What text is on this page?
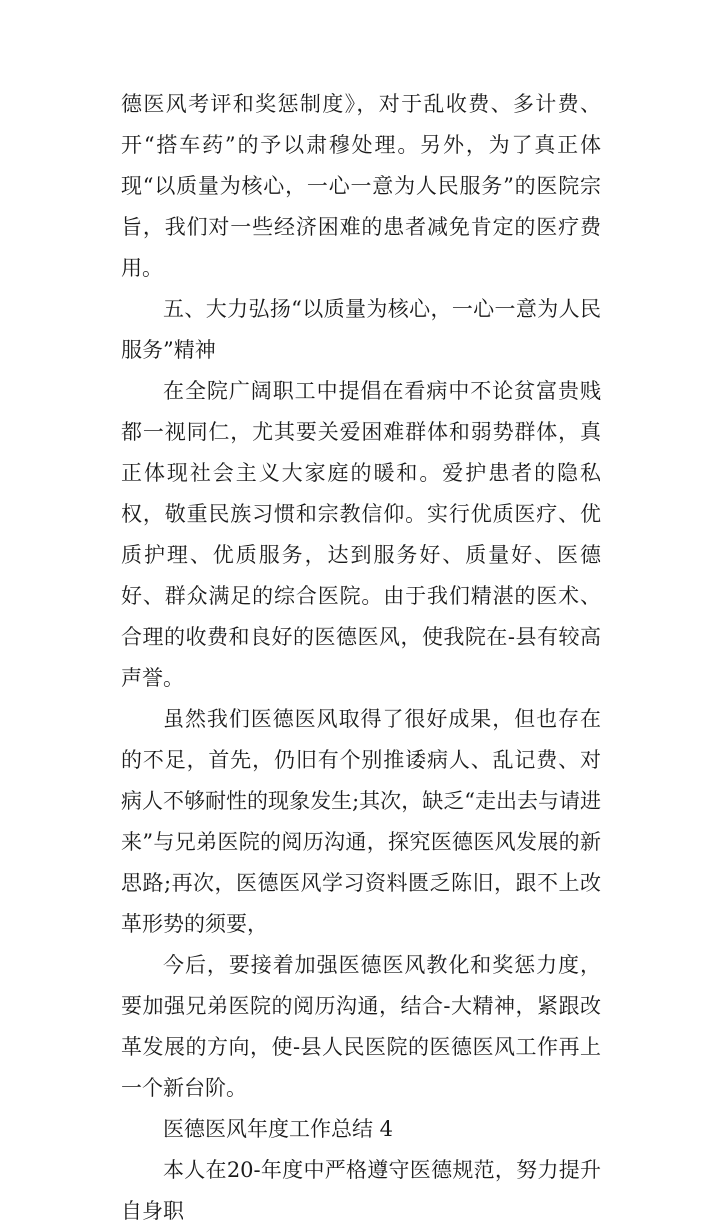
德医风考评和奖惩制度》，对于乱收费、多计费、开“搭车药”的予以肃穆处理。另外，为了真正体现“以质量为核心，一心一意为人民服务”的医院宗旨，我们对一些经济困难的患者减免肯定的医疗费用。

五、大力弘扬“以质量为核心，一心一意为人民服务”精神

在全院广阔职工中提倡在看病中不论贫富贵贱都一视同仁，尤其要关爱困难群体和弱势群体，真正体现社会主义大家庭的暖和。爱护患者的隐私权，敬重民族习惯和宗教信仰。实行优质医疗、优质护理、优质服务，达到服务好、质量好、医德好、群众满足的综合医院。由于我们精湛的医术、合理的收费和良好的医德医风，使我院在-县有较高声誉。

虽然我们医德医风取得了很好成果，但也存在的不足，首先，仍旧有个别推诿病人、乱记费、对病人不够耐性的现象发生;其次，缺乏“走出去与请进来”与兄弟医院的阅历沟通，探究医德医风发展的新思路;再次，医德医风学习资料匮乏陈旧，跟不上改革形势的须要，

今后，要接着加强医德医风教化和奖惩力度，要加强兄弟医院的阅历沟通，结合-大精神，紧跟改革发展的方向，使-县人民医院的医德医风工作再上一个新台阶。

医德医风年度工作总结 4

本人在20-年度中严格遵守医德规范，努力提升自身职
